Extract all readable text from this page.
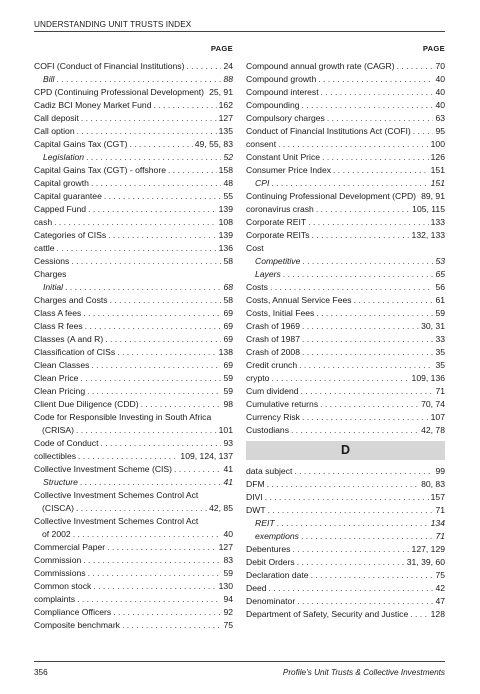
UNDERSTANDING UNIT TRUSTS INDEX
PAGE
COFI (Conduct of Financial Institutions) . . .	24
Bill . . .	88
CPD (Continuing Professional Development) 25, 91
Cadiz BCI Money Market Fund . . .	162
Call deposit . . .	127
Call option . . .	135
Capital Gains Tax (CGT) . . .	49, 55, 83
Legislation . . .	52
Capital Gains Tax (CGT) - offshore . . .	158
Capital growth . . .	48
Capital guarantee . . .	55
Capped Fund . . .	139
cash . . .	108
Categories of CISs . . .	139
cattle . . .	136
Cessions . . .	58
Charges
Initial . . .	68
Charges and Costs . . .	58
Class A fees . . .	69
Class R fees . . .	69
Classes (A and R) . . .	69
Classification of CISs . . .	138
Clean Classes . . .	69
Clean Price . . .	59
Clean Pricing . . .	59
Client Due Diligence (CDD) . . .	98
Code for Responsible Investing in South Africa
(CRISA) . . .	101
Code of Conduct . . .	93
collectibles . . .	109, 124, 137
Collective Investment Scheme (CIS) . . .	41
Structure . . .	41
Collective Investment Schemes Control Act
(CISCA) . . .	42, 85
Collective Investment Schemes Control Act
of 2002 . . .	40
Commercial Paper . . .	127
Commission . . .	83
Commissions . . .	59
Common stock . . .	130
complaints . . .	94
Compliance Officers . . .	92
Composite benchmark . . .	75
PAGE
Compound annual growth rate (CAGR) . . .	70
Compound growth . . .	40
Compound interest . . .	40
Compounding . . .	40
Compulsory charges . . .	63
Conduct of Financial Institutions Act (COFI) . . .	95
consent . . .	100
Constant Unit Price . . .	126
Consumer Price Index . . .	151
CPI . . .	151
Continuing Professional Development (CPD) 89, 91
coronavirus crash . . .	105, 115
Corporate REIT . . .	133
Corporate REITs . . .	132, 133
Cost
Competitive . . .	53
Layers . . .	65
Costs . . .	56
Costs, Annual Service Fees . . .	61
Costs, Initial Fees . . .	59
Crash of 1969 . . .	30, 31
Crash of 1987 . . .	33
Crash of 2008 . . .	35
Credit crunch . . .	35
crypto . . .	109, 136
Cum dividend . . .	71
Cumulative returns . . .	70, 74
Currency Risk . . .	107
Custodians . . .	42, 78
D
data subject . . .	99
DFM . . .	80, 83
DIVI . . .	157
DWT . . .	71
REIT . . .	134
exemptions . . .	71
Debentures . . .	127, 129
Debit Orders . . .	31, 39, 60
Declaration date . . .	75
Deed . . .	42
Denominator . . .	47
Department of Safety, Security and Justice . . .	128
356	Profile’s Unit Trusts & Collective Investments
